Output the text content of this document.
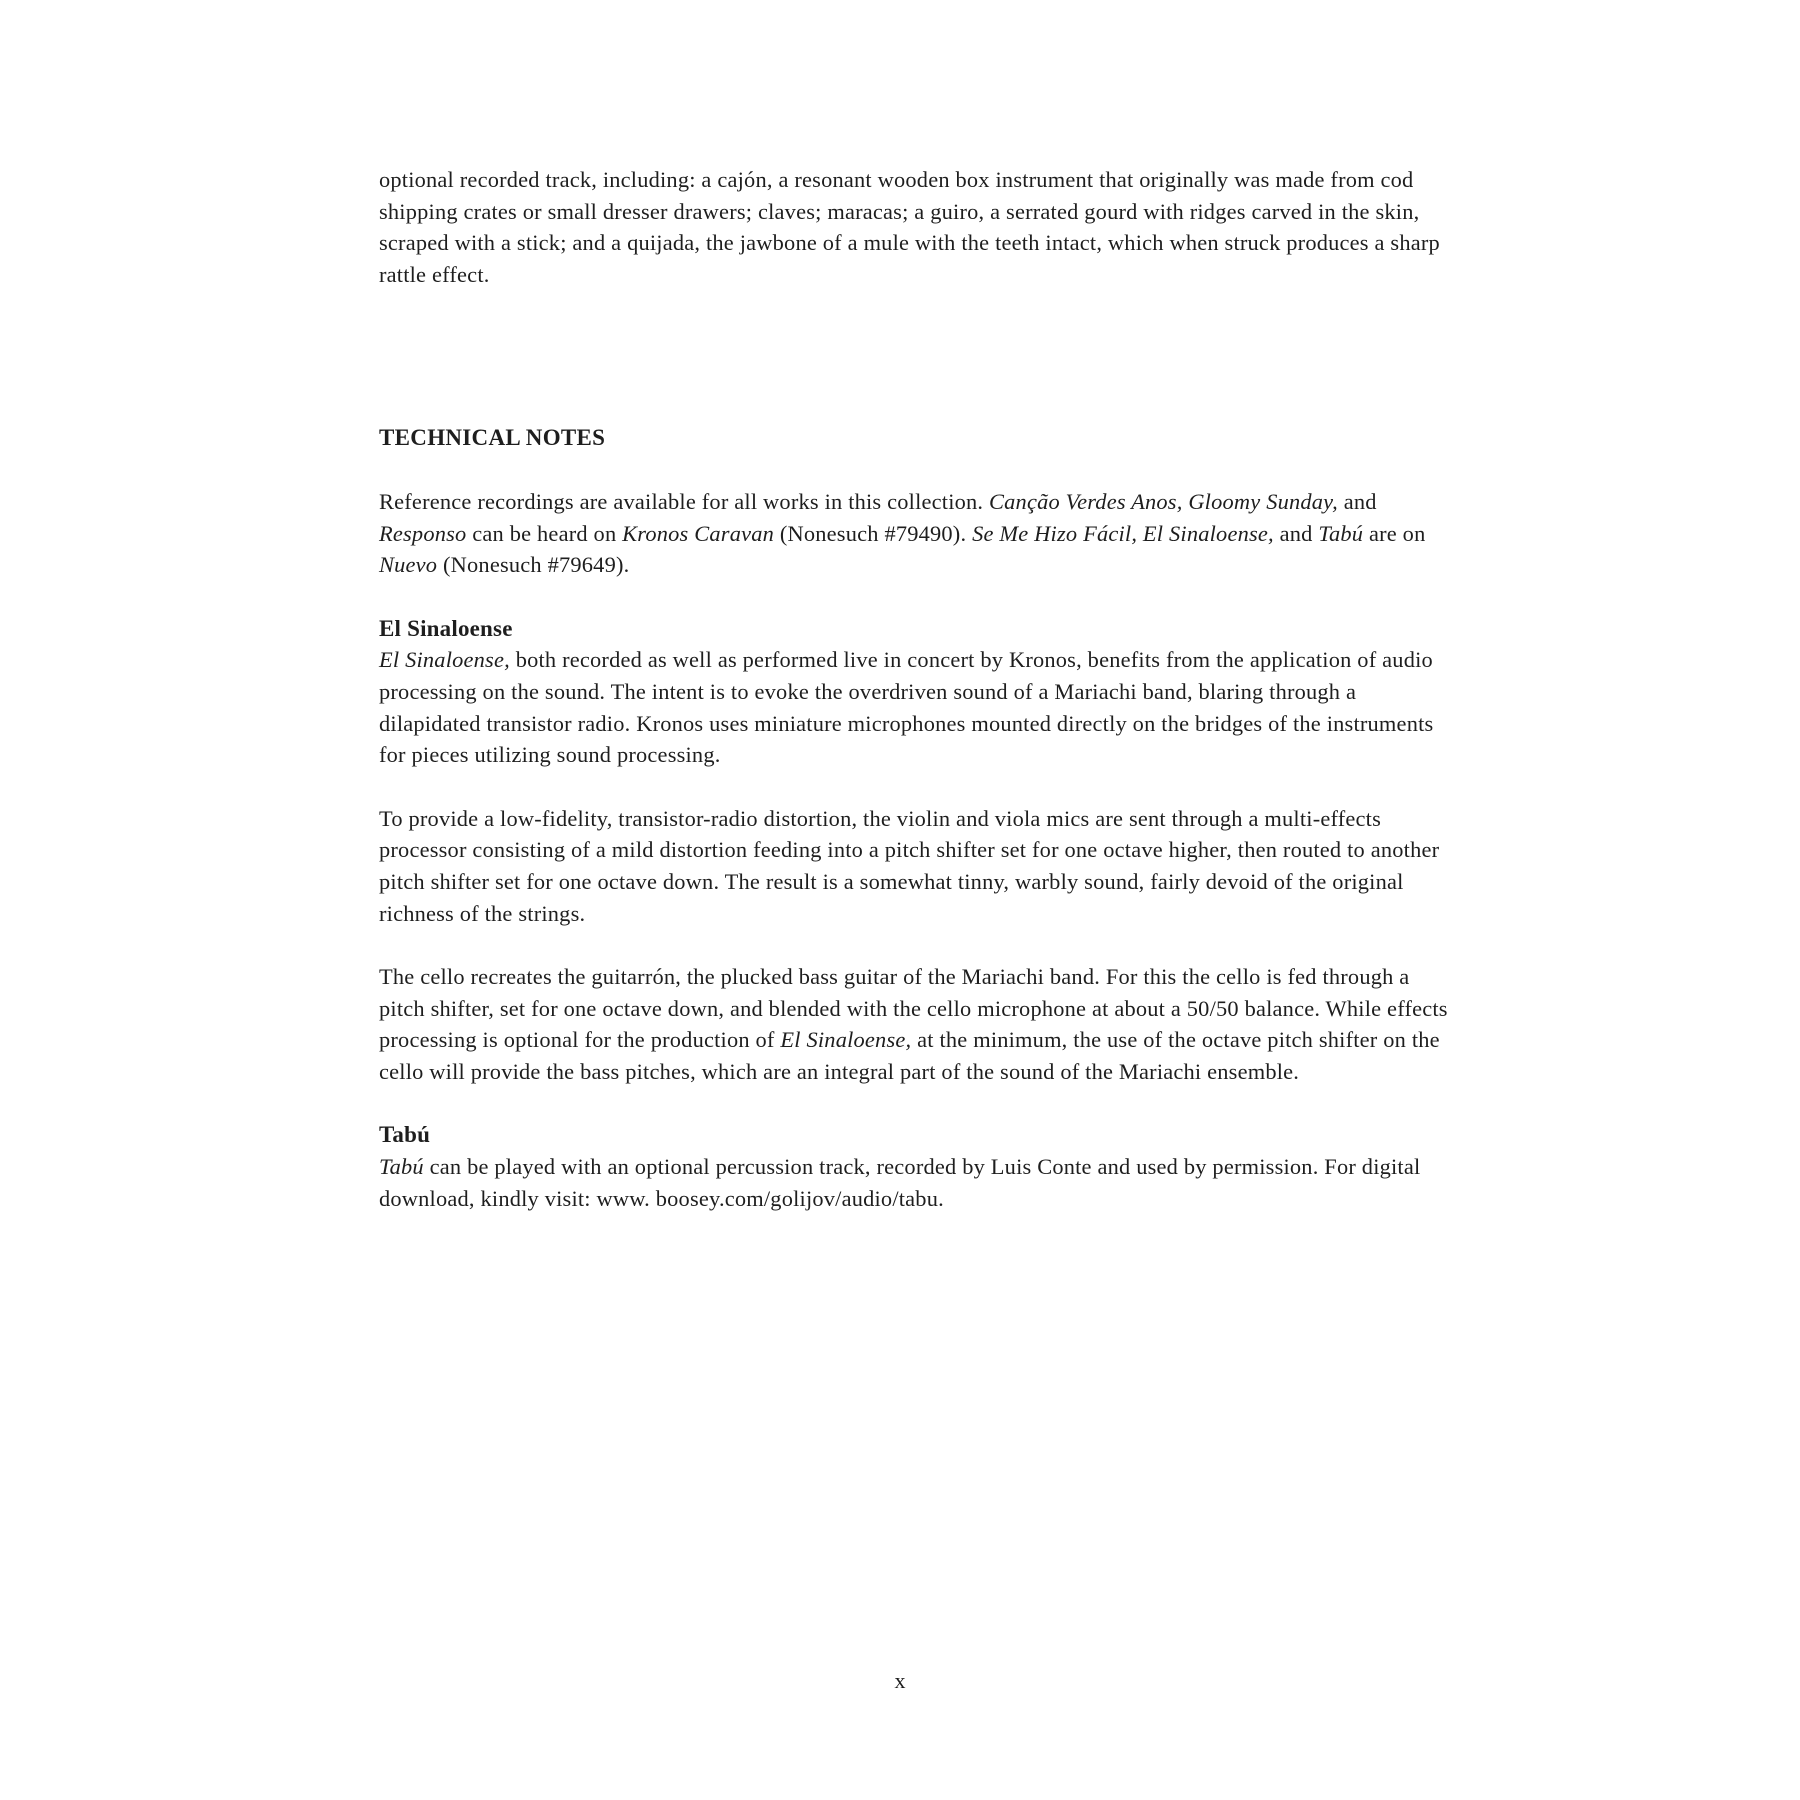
optional recorded track, including: a cajón, a resonant wooden box instrument that originally was made from cod shipping crates or small dresser drawers; claves; maracas; a guiro, a serrated gourd with ridges carved in the skin, scraped with a stick; and a quijada, the jawbone of a mule with the teeth intact, which when struck produces a sharp rattle effect.

TECHNICAL NOTES

Reference recordings are available for all works in this collection. Canção Verdes Anos, Gloomy Sunday, and Responso can be heard on Kronos Caravan (Nonesuch #79490). Se Me Hizo Fácil, El Sinaloense, and Tabú are on Nuevo (Nonesuch #79649).

El Sinaloense

El Sinaloense, both recorded as well as performed live in concert by Kronos, benefits from the application of audio processing on the sound. The intent is to evoke the overdriven sound of a Mariachi band, blaring through a dilapidated transistor radio. Kronos uses miniature microphones mounted directly on the bridges of the instruments for pieces utilizing sound processing.

To provide a low-fidelity, transistor-radio distortion, the violin and viola mics are sent through a multi-effects processor consisting of a mild distortion feeding into a pitch shifter set for one octave higher, then routed to another pitch shifter set for one octave down. The result is a somewhat tinny, warbly sound, fairly devoid of the original richness of the strings.

The cello recreates the guitarrón, the plucked bass guitar of the Mariachi band. For this the cello is fed through a pitch shifter, set for one octave down, and blended with the cello microphone at about a 50/50 balance. While effects processing is optional for the production of El Sinaloense, at the minimum, the use of the octave pitch shifter on the cello will provide the bass pitches, which are an integral part of the sound of the Mariachi ensemble.

Tabú

Tabú can be played with an optional percussion track, recorded by Luis Conte and used by permission. For digital download, kindly visit: www. boosey.com/golijov/audio/tabu.

x
